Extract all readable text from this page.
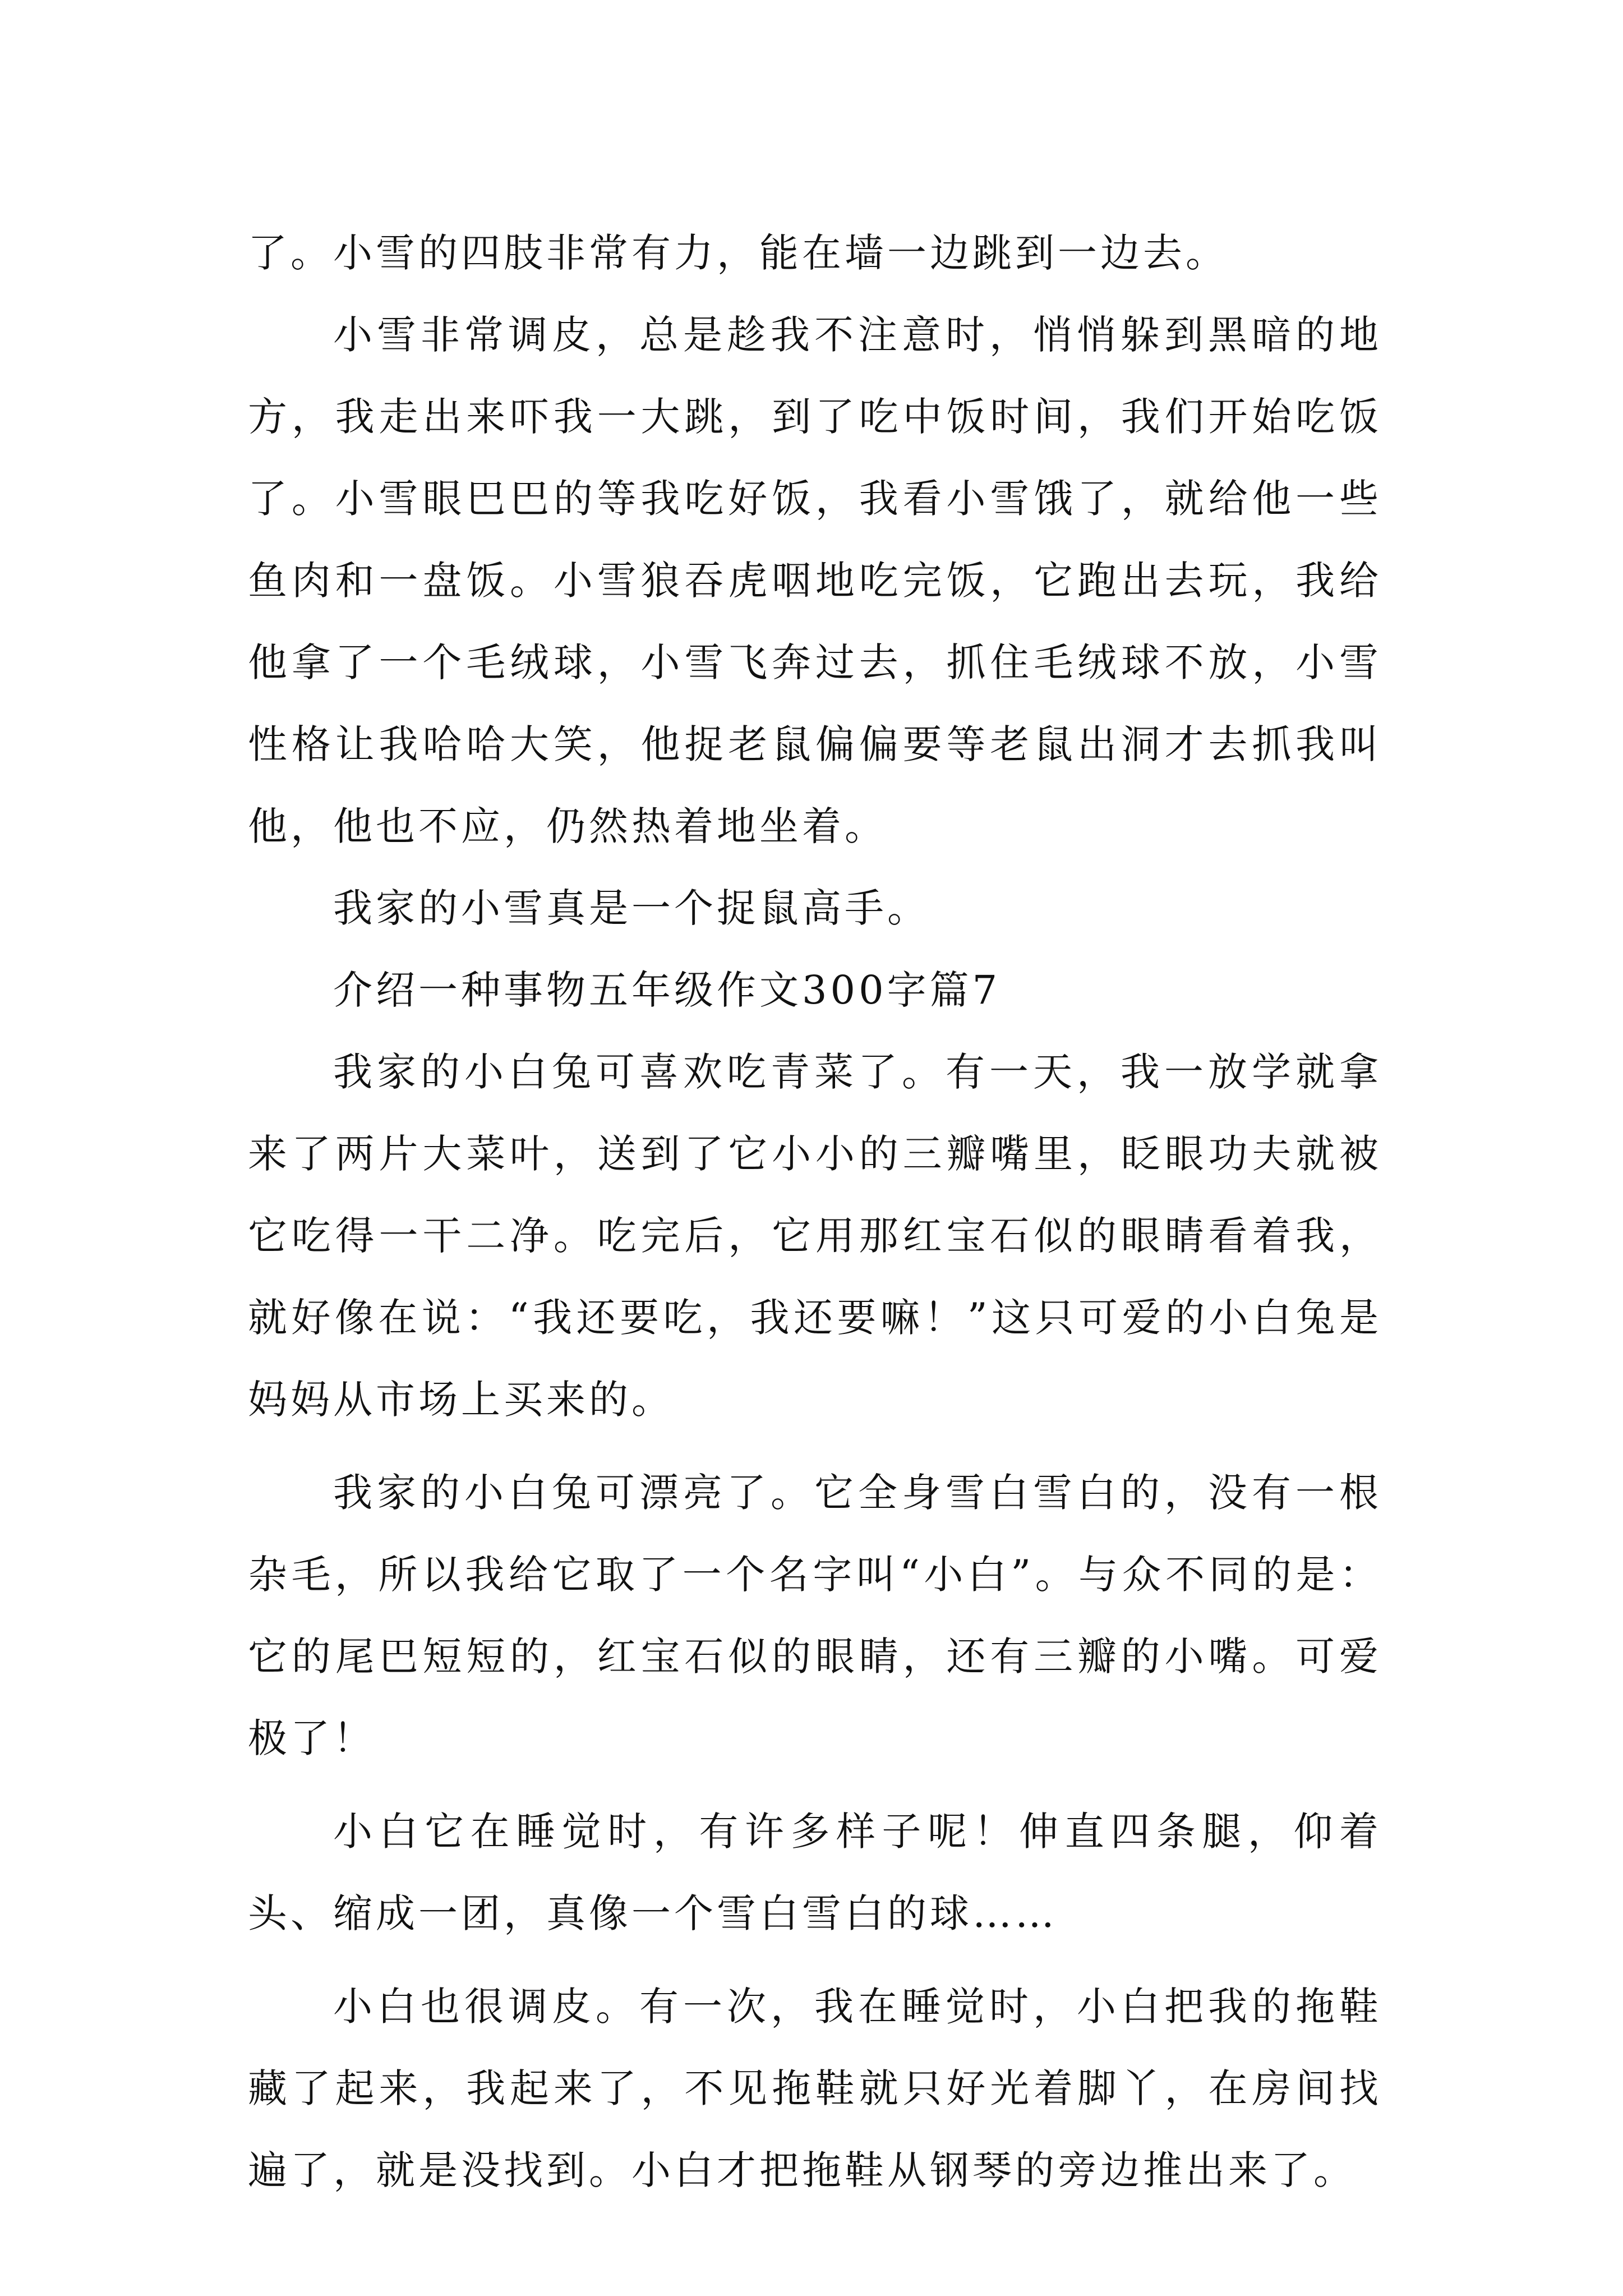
了。小雪的四肢非常有力，能在墙一边跳到一边去。

小雪非常调皮，总是趁我不注意时，悄悄躲到黑暗的地方，我走出来吓我一大跳，到了吃中饭时间，我们开始吃饭了。小雪眼巴巴的等我吃好饭，我看小雪饿了，就给他一些鱼肉和一盘饭。小雪狼吞虎咽地吃完饭，它跑出去玩，我给他拿了一个毛绒球，小雪飞奔过去，抓住毛绒球不放，小雪性格让我哈哈大笑，他捉老鼠偏偏要等老鼠出洞才去抓我叫他，他也不应，仍然热着地坐着。

我家的小雪真是一个捉鼠高手。

介绍一种事物五年级作文300字篇7

我家的小白兔可喜欢吃青菜了。有一天，我一放学就拿来了两片大菜叶，送到了它小小的三瓣嘴里，眨眼功夫就被它吃得一干二净。吃完后，它用那红宝石似的眼睛看着我，就好像在说：“我还要吃，我还要嘛！”这只可爱的小白兔是妈妈从市场上买来的。

我家的小白兔可漂亮了。它全身雪白雪白的，没有一根杂毛，所以我给它取了一个名字叫“小白”。与众不同的是：它的尾巴短短的，红宝石似的眼睛，还有三瓣的小嘴。可爱极了！

小白它在睡觉时，有许多样子呢！伸直四条腿，仰着头、缩成一团，真像一个雪白雪白的球……

小白也很调皮。有一次，我在睡觉时，小白把我的拖鞋藏了起来，我起来了，不见拖鞋就只好光着脚丫，在房间找遍了，就是没找到。小白才把拖鞋从钢琴的旁边推出来了。
